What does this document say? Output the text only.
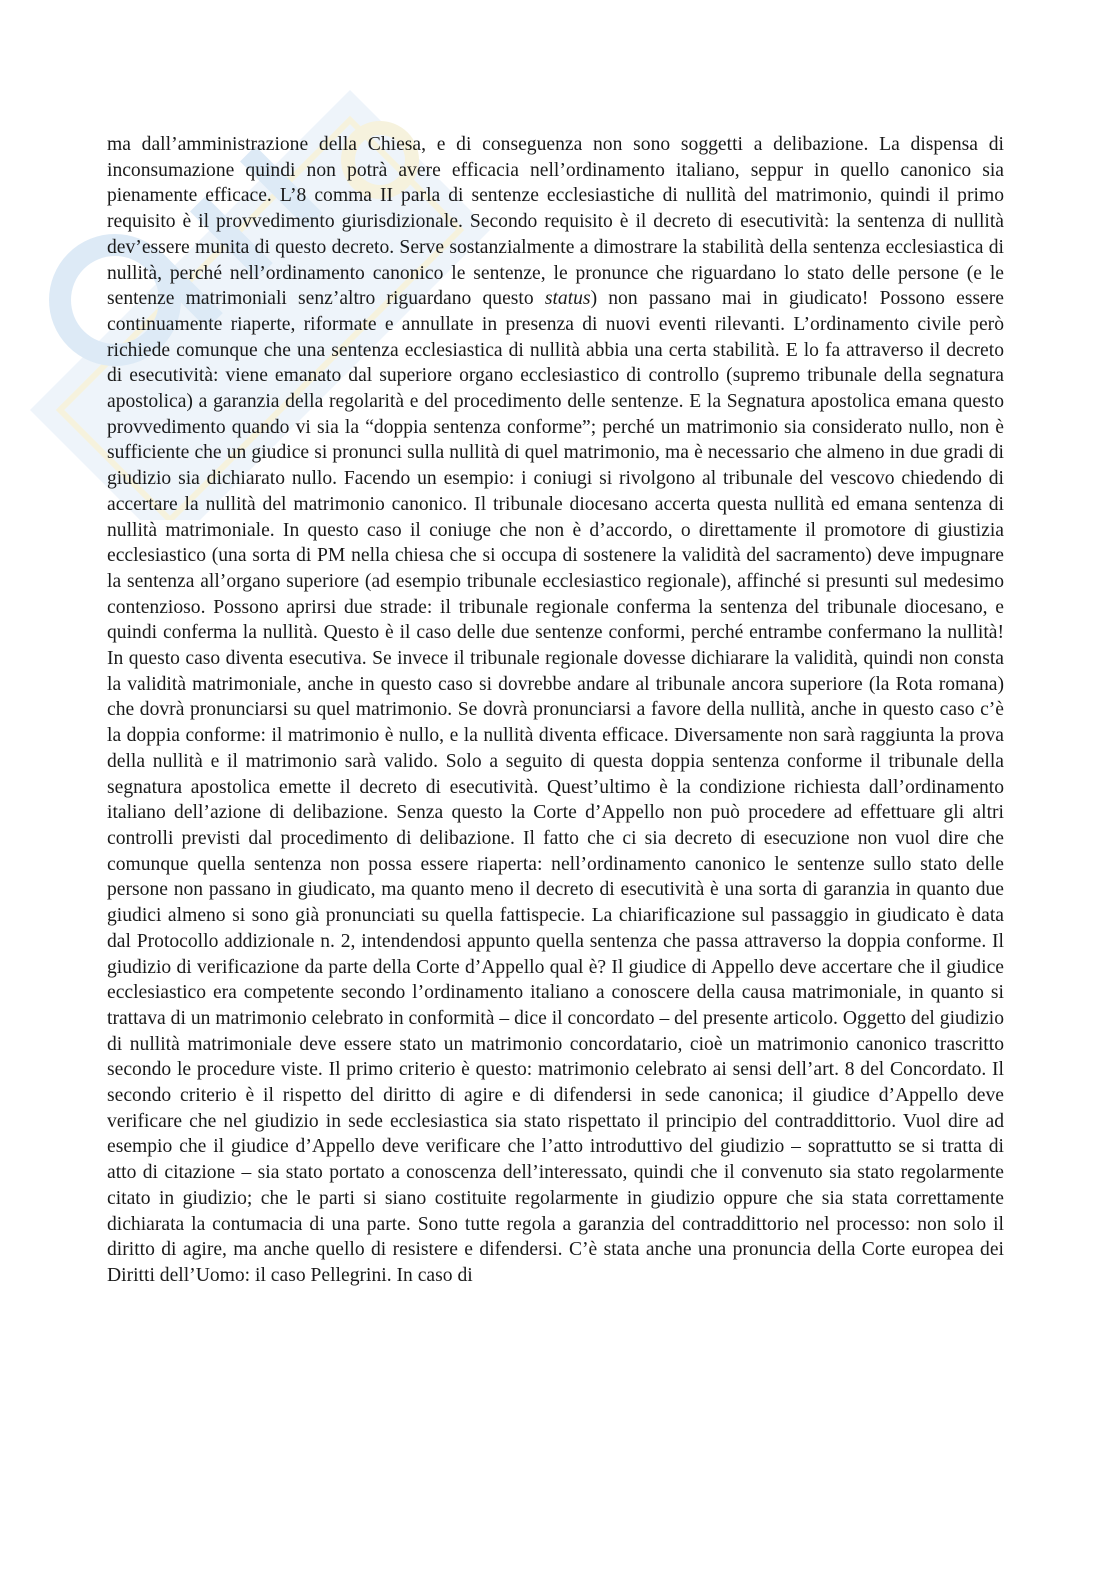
ma dall’amministrazione della Chiesa, e di conseguenza non sono soggetti a delibazione. La dispensa di inconsumazione quindi non potrà avere efficacia nell’ordinamento italiano, seppur in quello canonico sia pienamente efficace. L’8 comma II parla di sentenze ecclesiastiche di nullità del matrimonio, quindi il primo requisito è il provvedimento giurisdizionale. Secondo requisito è il decreto di esecutività: la sentenza di nullità dev’essere munita di questo decreto. Serve sostanzialmente a dimostrare la stabilità della sentenza ecclesiastica di nullità, perché nell’ordinamento canonico le sentenze, le pronunce che riguardano lo stato delle persone (e le sentenze matrimoniali senz’altro riguardano questo status) non passano mai in giudicato! Possono essere continuamente riaperte, riformate e annullate in presenza di nuovi eventi rilevanti. L’ordinamento civile però richiede comunque che una sentenza ecclesiastica di nullità abbia una certa stabilità. E lo fa attraverso il decreto di esecutività: viene emanato dal superiore organo ecclesiastico di controllo (supremo tribunale della segnatura apostolica) a garanzia della regolarità e del procedimento delle sentenze. E la Segnatura apostolica emana questo provvedimento quando vi sia la “doppia sentenza conforme”; perché un matrimonio sia considerato nullo, non è sufficiente che un giudice si pronunci sulla nullità di quel matrimonio, ma è necessario che almeno in due gradi di giudizio sia dichiarato nullo. Facendo un esempio: i coniugi si rivolgono al tribunale del vescovo chiedendo di accertare la nullità del matrimonio canonico. Il tribunale diocesano accerta questa nullità ed emana sentenza di nullità matrimoniale. In questo caso il coniuge che non è d’accordo, o direttamente il promotore di giustizia ecclesiastico (una sorta di PM nella chiesa che si occupa di sostenere la validità del sacramento) deve impugnare la sentenza all’organo superiore (ad esempio tribunale ecclesiastico regionale), affinché si presunti sul medesimo contenzioso. Possono aprirsi due strade: il tribunale regionale conferma la sentenza del tribunale diocesano, e quindi conferma la nullità. Questo è il caso delle due sentenze conformi, perché entrambe confermano la nullità! In questo caso diventa esecutiva. Se invece il tribunale regionale dovesse dichiarare la validità, quindi non consta la validità matrimoniale, anche in questo caso si dovrebbe andare al tribunale ancora superiore (la Rota romana) che dovrà pronunciarsi su quel matrimonio. Se dovrà pronunciarsi a favore della nullità, anche in questo caso c’è la doppia conforme: il matrimonio è nullo, e la nullità diventa efficace. Diversamente non sarà raggiunta la prova della nullità e il matrimonio sarà valido. Solo a seguito di questa doppia sentenza conforme il tribunale della segnatura apostolica emette il decreto di esecutività. Quest’ultimo è la condizione richiesta dall’ordinamento italiano dell’azione di delibazione. Senza questo la Corte d’Appello non può procedere ad effettuare gli altri controlli previsti dal procedimento di delibazione. Il fatto che ci sia decreto di esecuzione non vuol dire che comunque quella sentenza non possa essere riaperta: nell’ordinamento canonico le sentenze sullo stato delle persone non passano in giudicato, ma quanto meno il decreto di esecutività è una sorta di garanzia in quanto due giudici almeno si sono già pronunciati su quella fattispecie. La chiarificazione sul passaggio in giudicato è data dal Protocollo addizionale n. 2, intendendosi appunto quella sentenza che passa attraverso la doppia conforme. Il giudizio di verificazione da parte della Corte d’Appello qual è? Il giudice di Appello deve accertare che il giudice ecclesiastico era competente secondo l’ordinamento italiano a conoscere della causa matrimoniale, in quanto si trattava di un matrimonio celebrato in conformità – dice il concordato – del presente articolo. Oggetto del giudizio di nullità matrimoniale deve essere stato un matrimonio concordatario, cioè un matrimonio canonico trascritto secondo le procedure viste. Il primo criterio è questo: matrimonio celebrato ai sensi dell’art. 8 del Concordato. Il secondo criterio è il rispetto del diritto di agire e di difendersi in sede canonica; il giudice d’Appello deve verificare che nel giudizio in sede ecclesiastica sia stato rispettato il principio del contraddittorio. Vuol dire ad esempio che il giudice d’Appello deve verificare che l’atto introduttivo del giudizio – soprattutto se si tratta di atto di citazione – sia stato portato a conoscenza dell’interessato, quindi che il convenuto sia stato regolarmente citato in giudizio; che le parti si siano costituite regolarmente in giudizio oppure che sia stata correttamente dichiarata la contumacia di una parte. Sono tutte regola a garanzia del contraddittorio nel processo: non solo il diritto di agire, ma anche quello di resistere e difendersi. C’è stata anche una pronuncia della Corte europea dei Diritti dell’Uomo: il caso Pellegrini. In caso di
